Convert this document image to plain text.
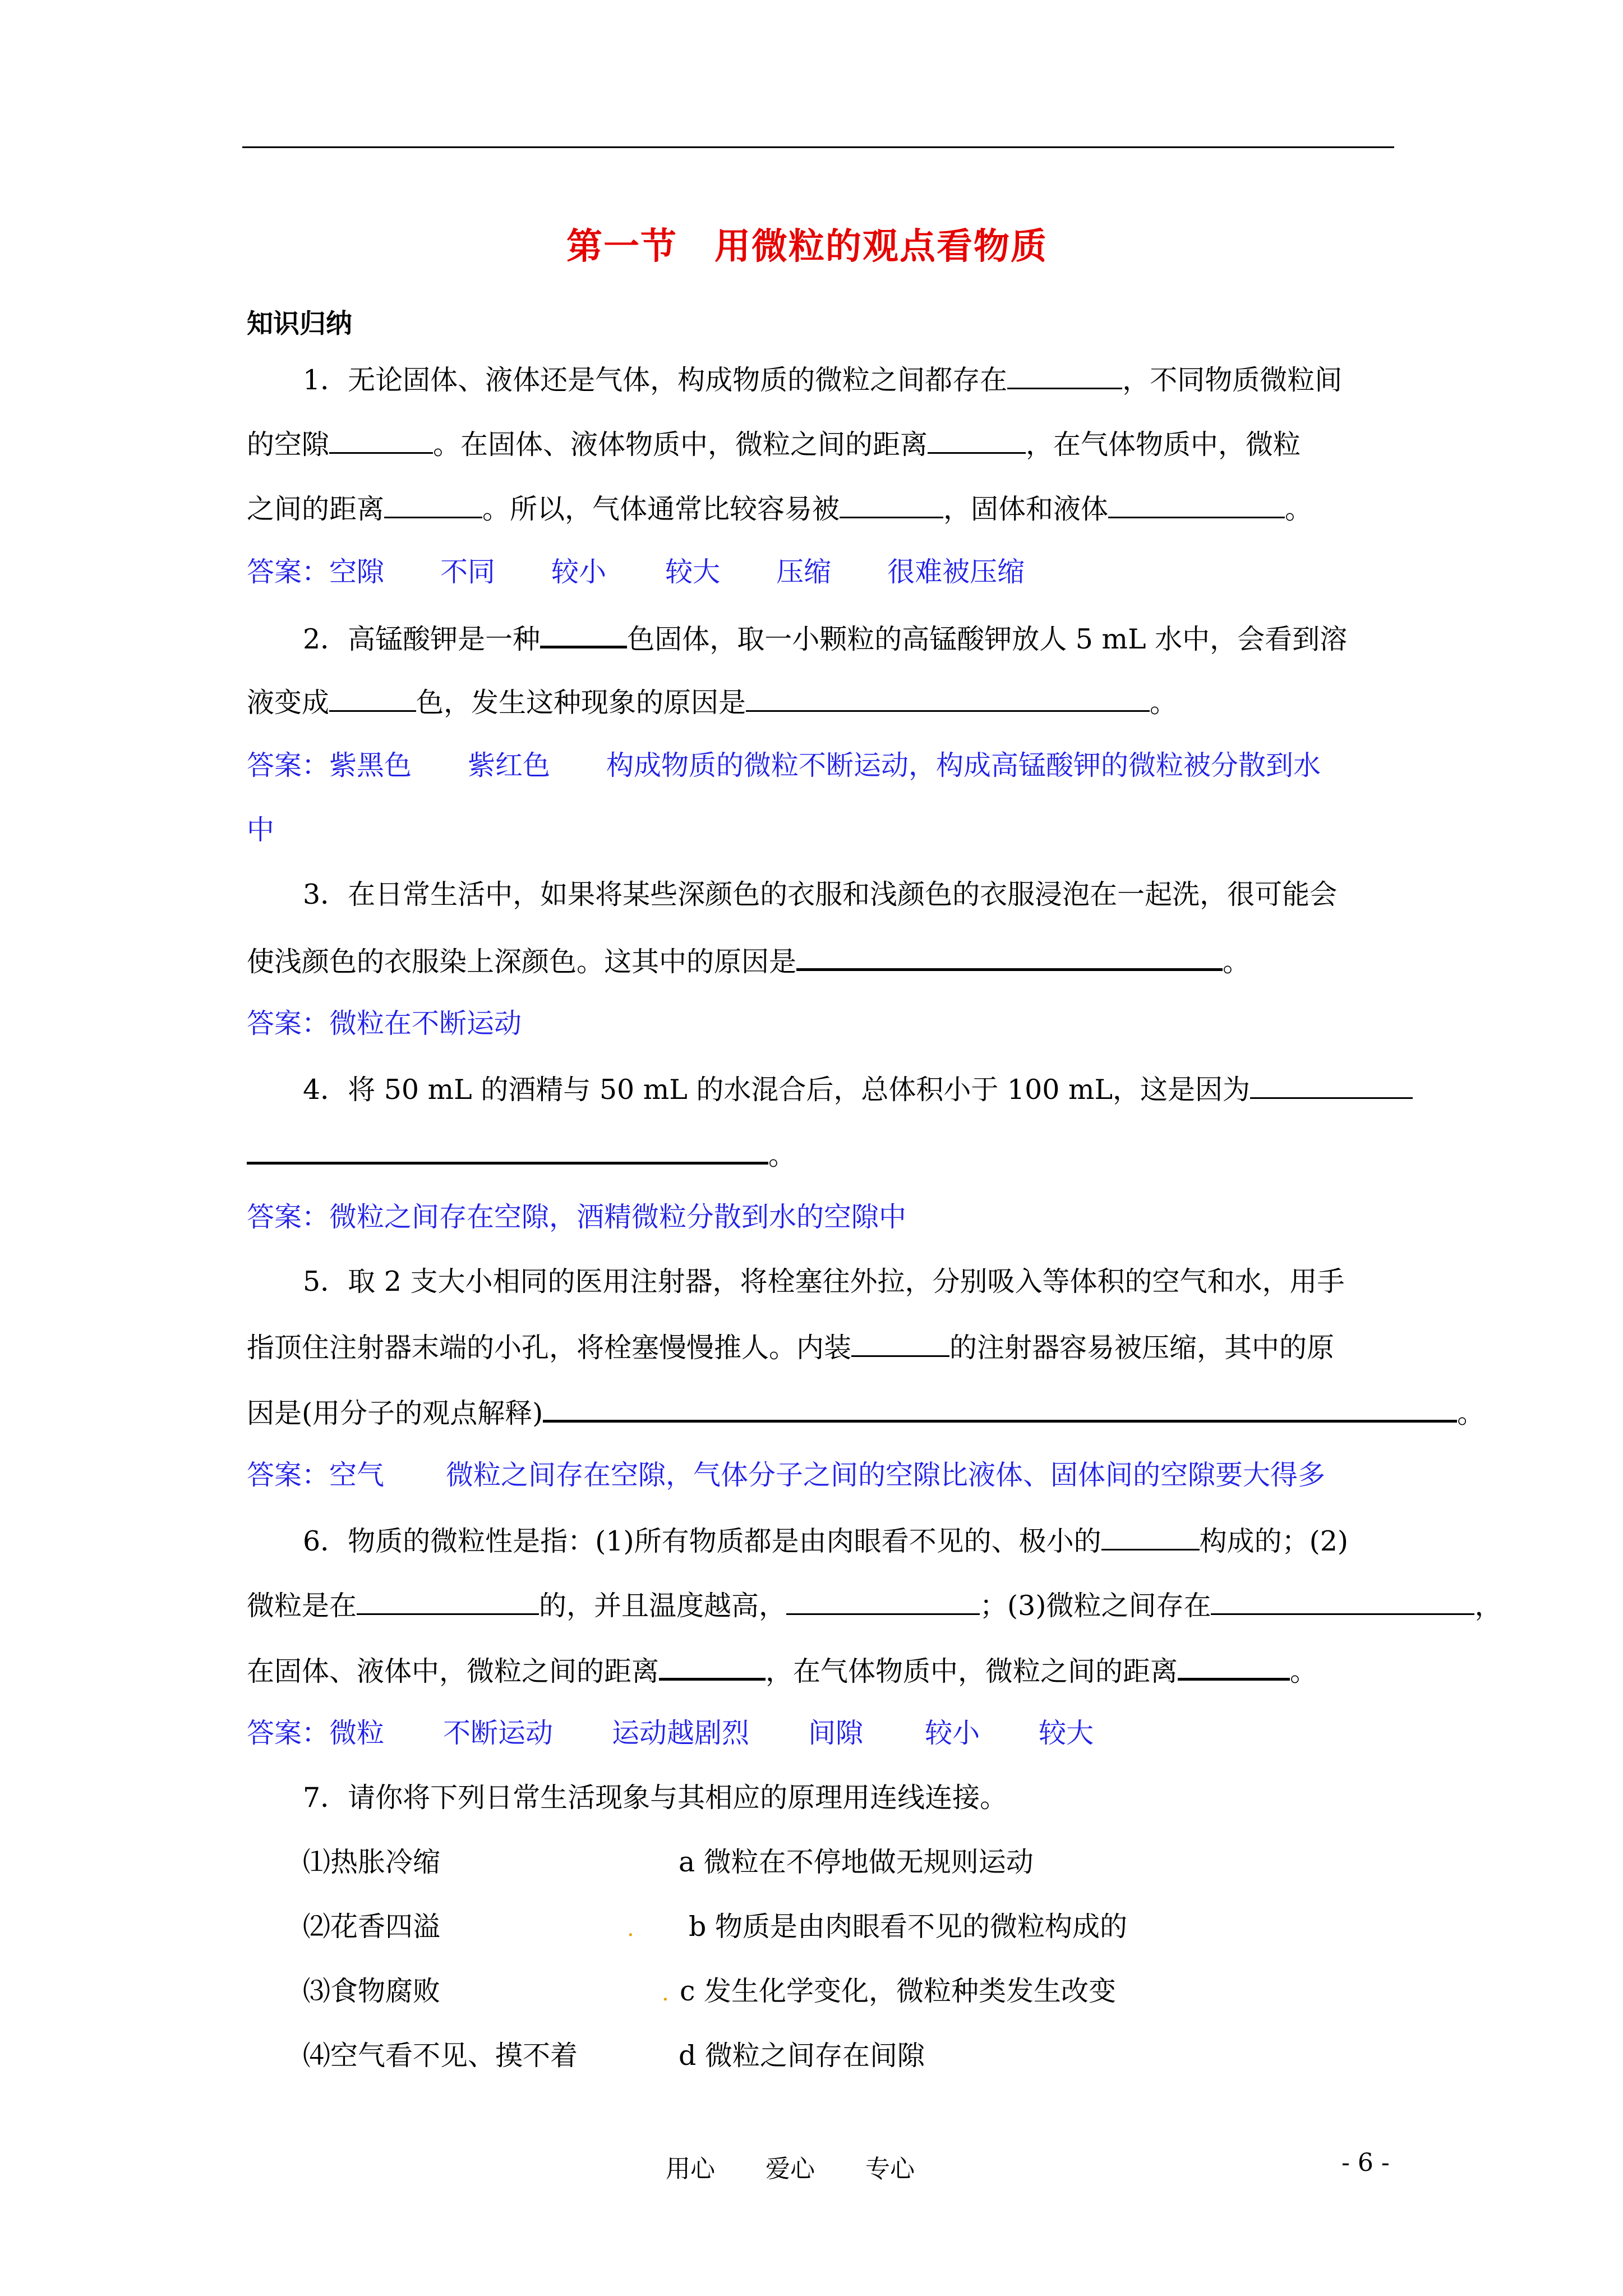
第一节　用微粒的观点看物质
知识归纳
1．无论固体、液体还是气体，构成物质的微粒之间都存在	，不同物质微粒间
的空隙	。在固体、液体物质中，微粒之间的距离	，在气体物质中，微粒
之间的距离	。所以，气体通常比较容易被	，固体和液体	。
答案：空隙 不同 较小 较大 压缩 很难被压缩
2．高锰酸钾是一种	色固体，取一小颗粒的高锰酸钾放人 5 mL 水中，会看到溶
液变成	色，发生这种现象的原因是	。
答案：紫黑色 紫红色 构成物质的微粒不断运动，构成高锰酸钾的微粒被分散到水
中
3．在日常生活中，如果将某些深颜色的衣服和浅颜色的衣服浸泡在一起洗，很可能会
使浅颜色的衣服染上深颜色。这其中的原因是	。
答案：微粒在不断运动
4．将 50 mL 的酒精与 50 mL 的水混合后，总体积小于 100 mL，这是因为
。
答案：微粒之间存在空隙，酒精微粒分散到水的空隙中
5．取 2 支大小相同的医用注射器，将栓塞往外拉，分别吸入等体积的空气和水，用手
指顶住注射器末端的小孔，将栓塞慢慢推人。内装	的注射器容易被压缩，其中的原
因是(用分子的观点解释)	。
答案：空气 微粒之间存在空隙，气体分子之间的空隙比液体、固体间的空隙要大得多
6．物质的微粒性是指：(1)所有物质都是由肉眼看不见的、极小的	构成的；(2)
微粒是在	的，并且温度越高，	；(3)微粒之间存在	，
在固体、液体中，微粒之间的距离	，在气体物质中，微粒之间的距离	。
答案：微粒 不断运动 运动越剧烈 间隙 较小 较大
7．请你将下列日常生活现象与其相应的原理用连线连接。
⑴热胀冷缩	a 微粒在不停地做无规则运动
⑵花香四溢	. b 物质是由肉眼看不见的微粒构成的
⑶食物腐败	. c 发生化学变化，微粒种类发生改变
⑷空气看不见、摸不着	d 微粒之间存在间隙
用心 爱心 专心	- 6 -
